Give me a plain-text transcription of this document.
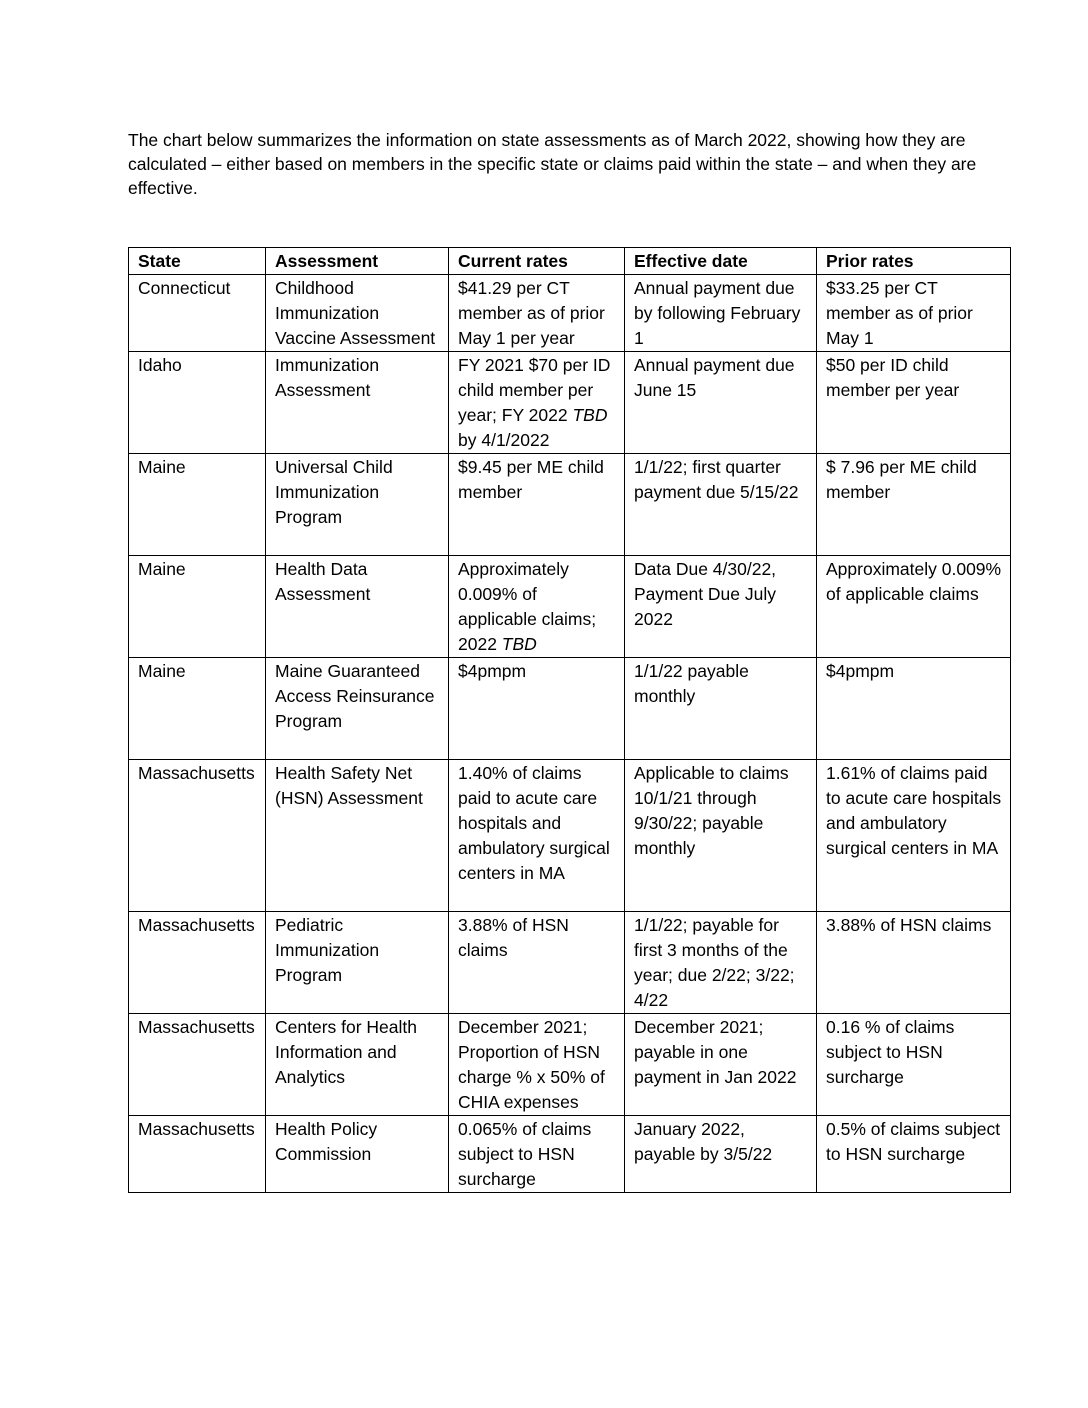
The chart below summarizes the information on state assessments as of March 2022, showing how they are calculated – either based on members in the specific state or claims paid within the state – and when they are effective.

State	Assessment	Current rates	Effective date	Prior rates
Connecticut	Childhood Immunization Vaccine Assessment	$41.29 per CT member as of prior May 1 per year	Annual payment due by following February 1	$33.25 per CT member as of prior May 1
Idaho	Immunization Assessment	FY 2021 $70 per ID child member per year; FY 2022 TBD by 4/1/2022	Annual payment due June 15	$50 per ID child member per year
Maine	Universal Child Immunization Program	$9.45 per ME child member	1/1/22; first quarter payment due 5/15/22	$ 7.96 per ME child member
Maine	Health Data Assessment	Approximately 0.009% of applicable claims; 2022 TBD	Data Due 4/30/22, Payment Due July 2022	Approximately 0.009% of applicable claims
Maine	Maine Guaranteed Access Reinsurance Program	$4pmpm	1/1/22 payable monthly	$4pmpm
Massachusetts	Health Safety Net (HSN) Assessment	1.40% of claims paid to acute care hospitals and ambulatory surgical centers in MA	Applicable to claims 10/1/21 through 9/30/22; payable monthly	1.61% of claims paid to acute care hospitals and ambulatory surgical centers in MA
Massachusetts	Pediatric Immunization Program	3.88% of HSN claims	1/1/22; payable for first 3 months of the year; due 2/22; 3/22; 4/22	3.88% of HSN claims
Massachusetts	Centers for Health Information and Analytics	December 2021; Proportion of HSN charge % x 50% of CHIA expenses	December 2021; payable in one payment in Jan 2022	0.16 % of claims subject to HSN surcharge
Massachusetts	Health Policy Commission	0.065% of claims subject to HSN surcharge	January 2022, payable by 3/5/22	0.5% of claims subject to HSN surcharge
